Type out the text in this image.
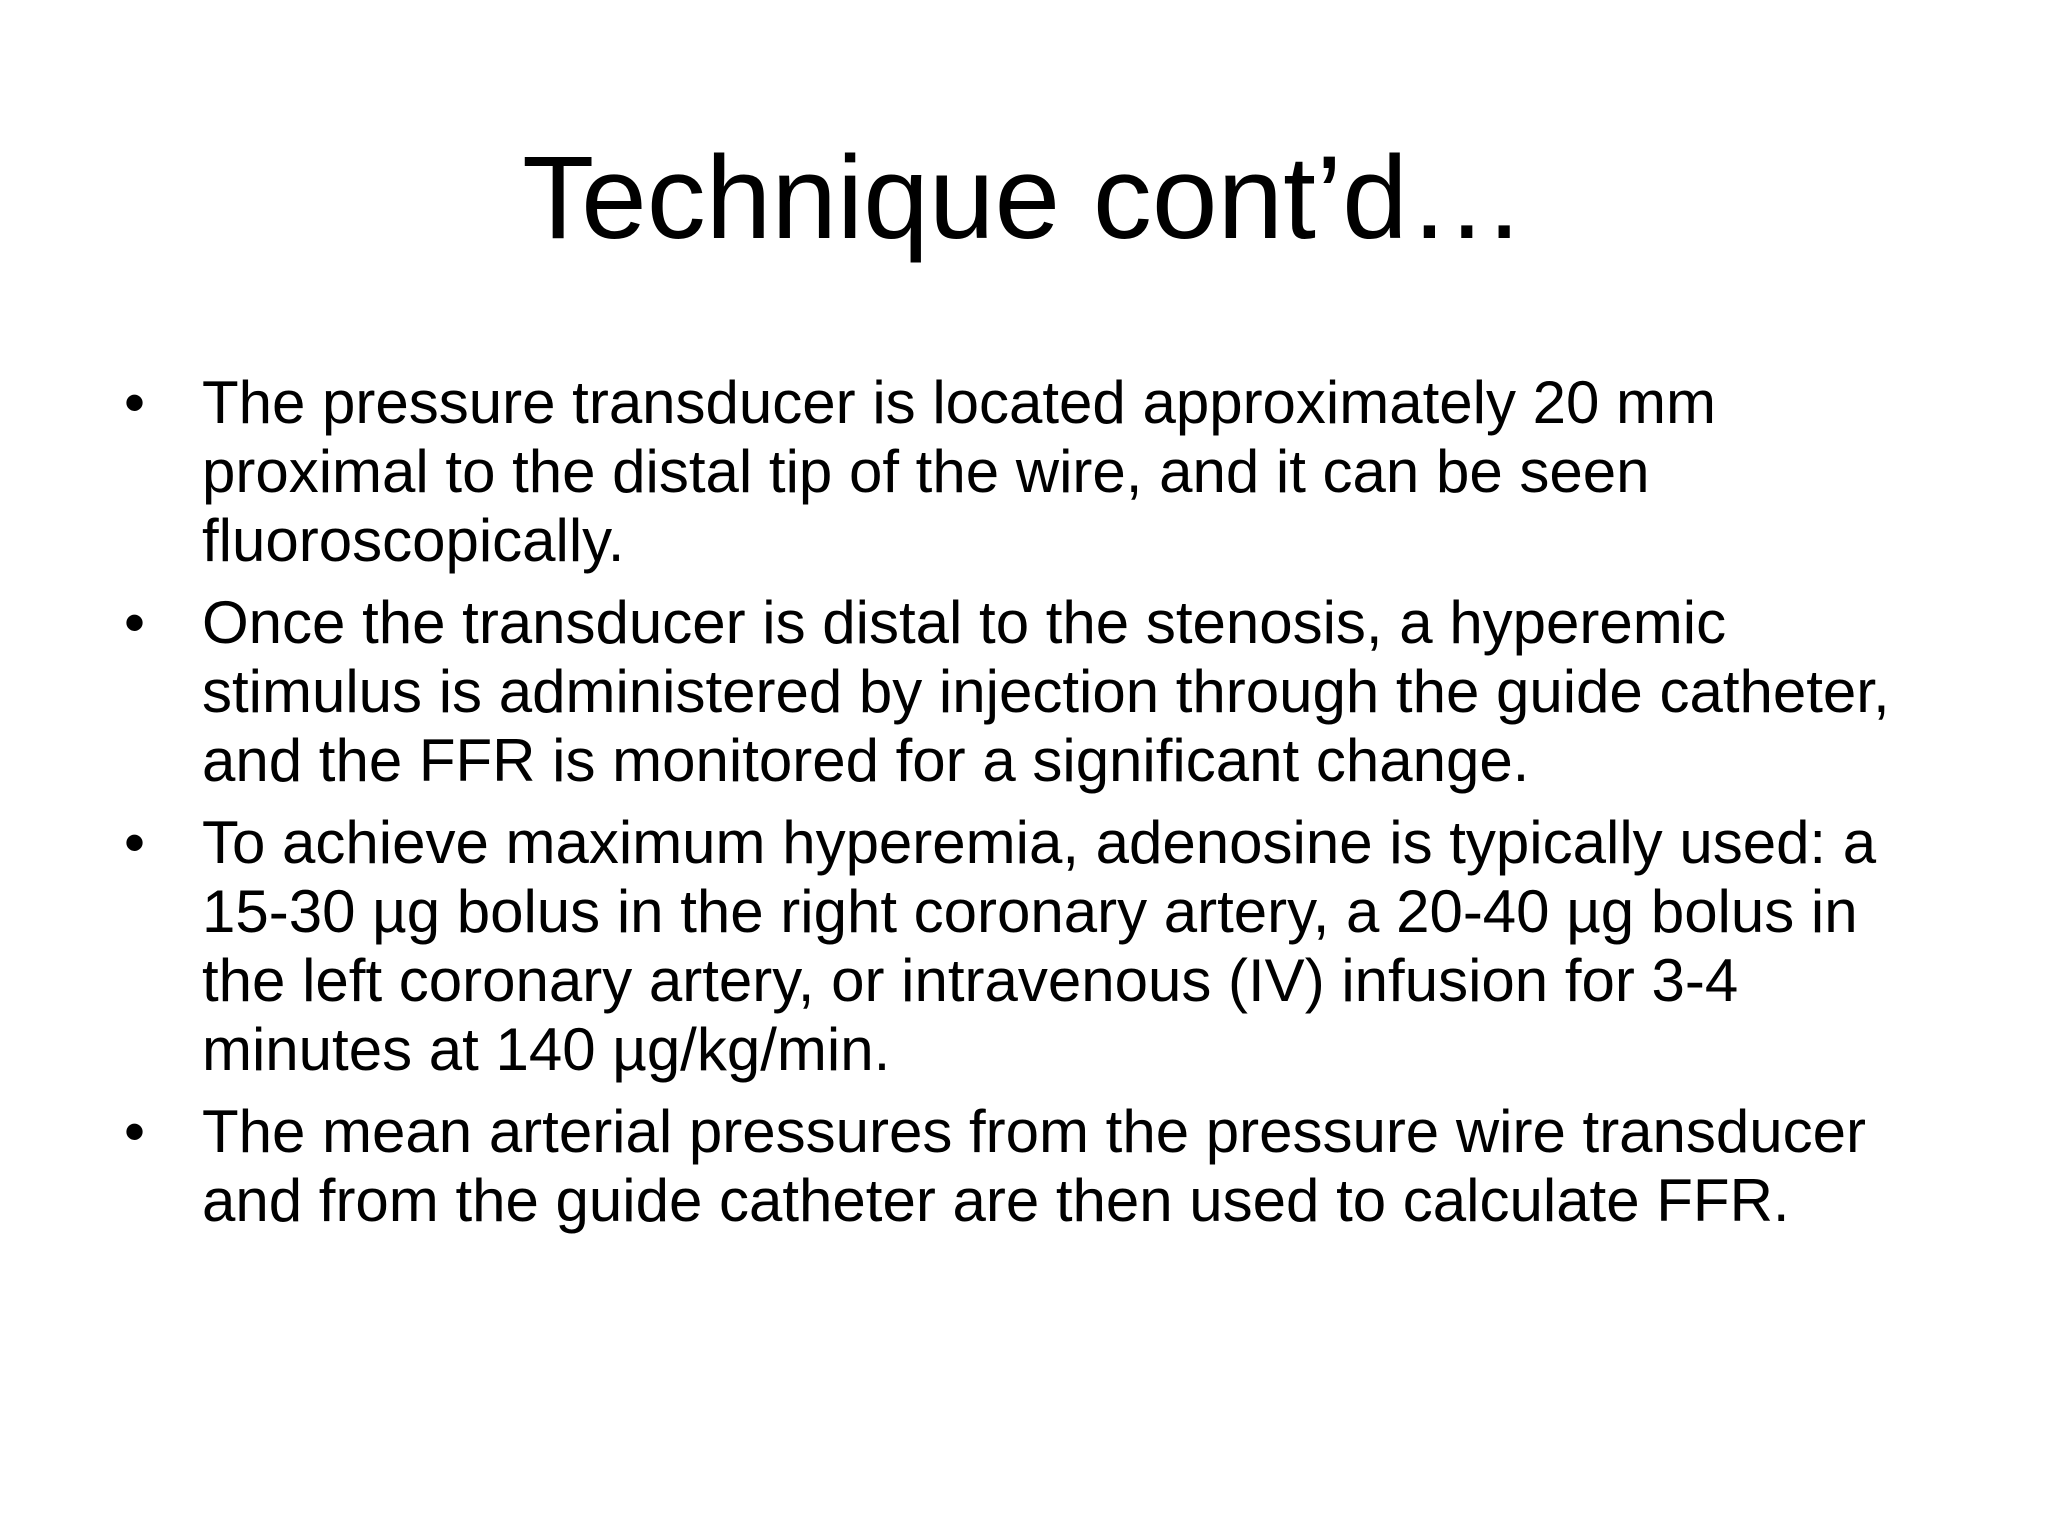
Technique cont’d…
• The pressure transducer is located approximately 20 mm proximal to the distal tip of the wire, and it can be seen fluoroscopically.
• Once the transducer is distal to the stenosis, a hyperemic stimulus is administered by injection through the guide catheter, and the FFR is monitored for a significant change.
• To achieve maximum hyperemia, adenosine is typically used: a 15-30 µg bolus in the right coronary artery, a 20-40 µg bolus in the left coronary artery, or intravenous (IV) infusion for 3-4 minutes at 140 µg/kg/min.
• The mean arterial pressures from the pressure wire transducer and from the guide catheter are then used to calculate FFR.
